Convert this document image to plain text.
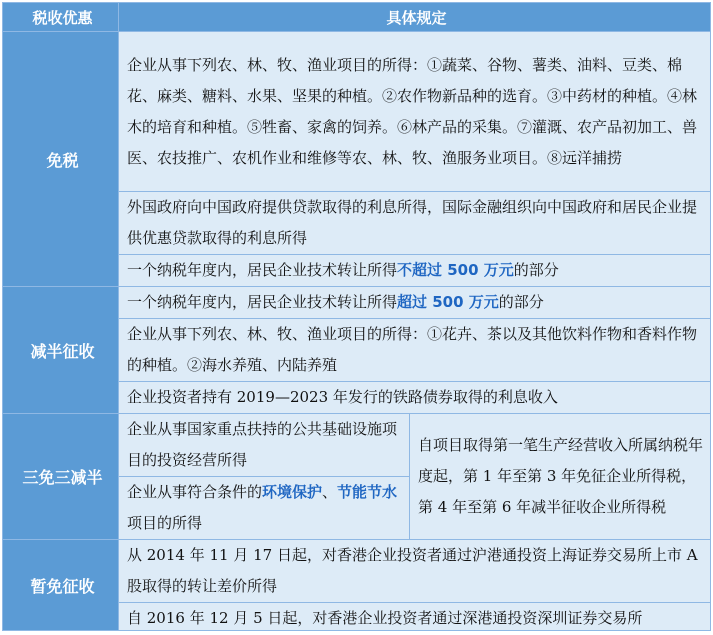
税收优惠	具体规定	
免税	企业从事下列农、林、牧、渔业项目的所得：①蔬菜、谷物、薯类、油料、豆类、棉花、麻类、糖料、水果、坚果的种植。②农作物新品种的选育。③中药材的种植。④林木的培育和种植。⑤牲畜、家禽的饲养。⑥林产品的采集。⑦灌溉、农产品初加工、兽医、农技推广、农机作业和维修等农、林、牧、渔服务业项目。⑧远洋捕捞	
	外国政府向中国政府提供贷款取得的利息所得，国际金融组织向中国政府和居民企业提供优惠贷款取得的利息所得	
	一个纳税年度内，居民企业技术转让所得不超过 500 万元的部分	
减半征收	一个纳税年度内，居民企业技术转让所得超过 500 万元的部分	
	企业从事下列农、林、牧、渔业项目的所得：①花卉、茶以及其他饮料作物和香料作物的种植。②海水养殖、内陆养殖	
	企业投资者持有 2019—2023 年发行的铁路债券取得的利息收入	
三免三减半	企业从事国家重点扶持的公共基础设施项目的投资经营所得	自项目取得第一笔生产经营收入所属纳税年度起，第 1 年至第 3 年免征企业所得税，第 4 年至第 6 年减半征收企业所得税
	企业从事符合条件的环境保护、节能节水项目的所得	
暂免征收	从 2014 年 11 月 17 日起，对香港企业投资者通过沪港通投资上海证券交易所上市 A 股取得的转让差价所得	

	自 2016 年 12 月 5 日起，对香港企业投资者通过深港通投资深圳证券交易所	
